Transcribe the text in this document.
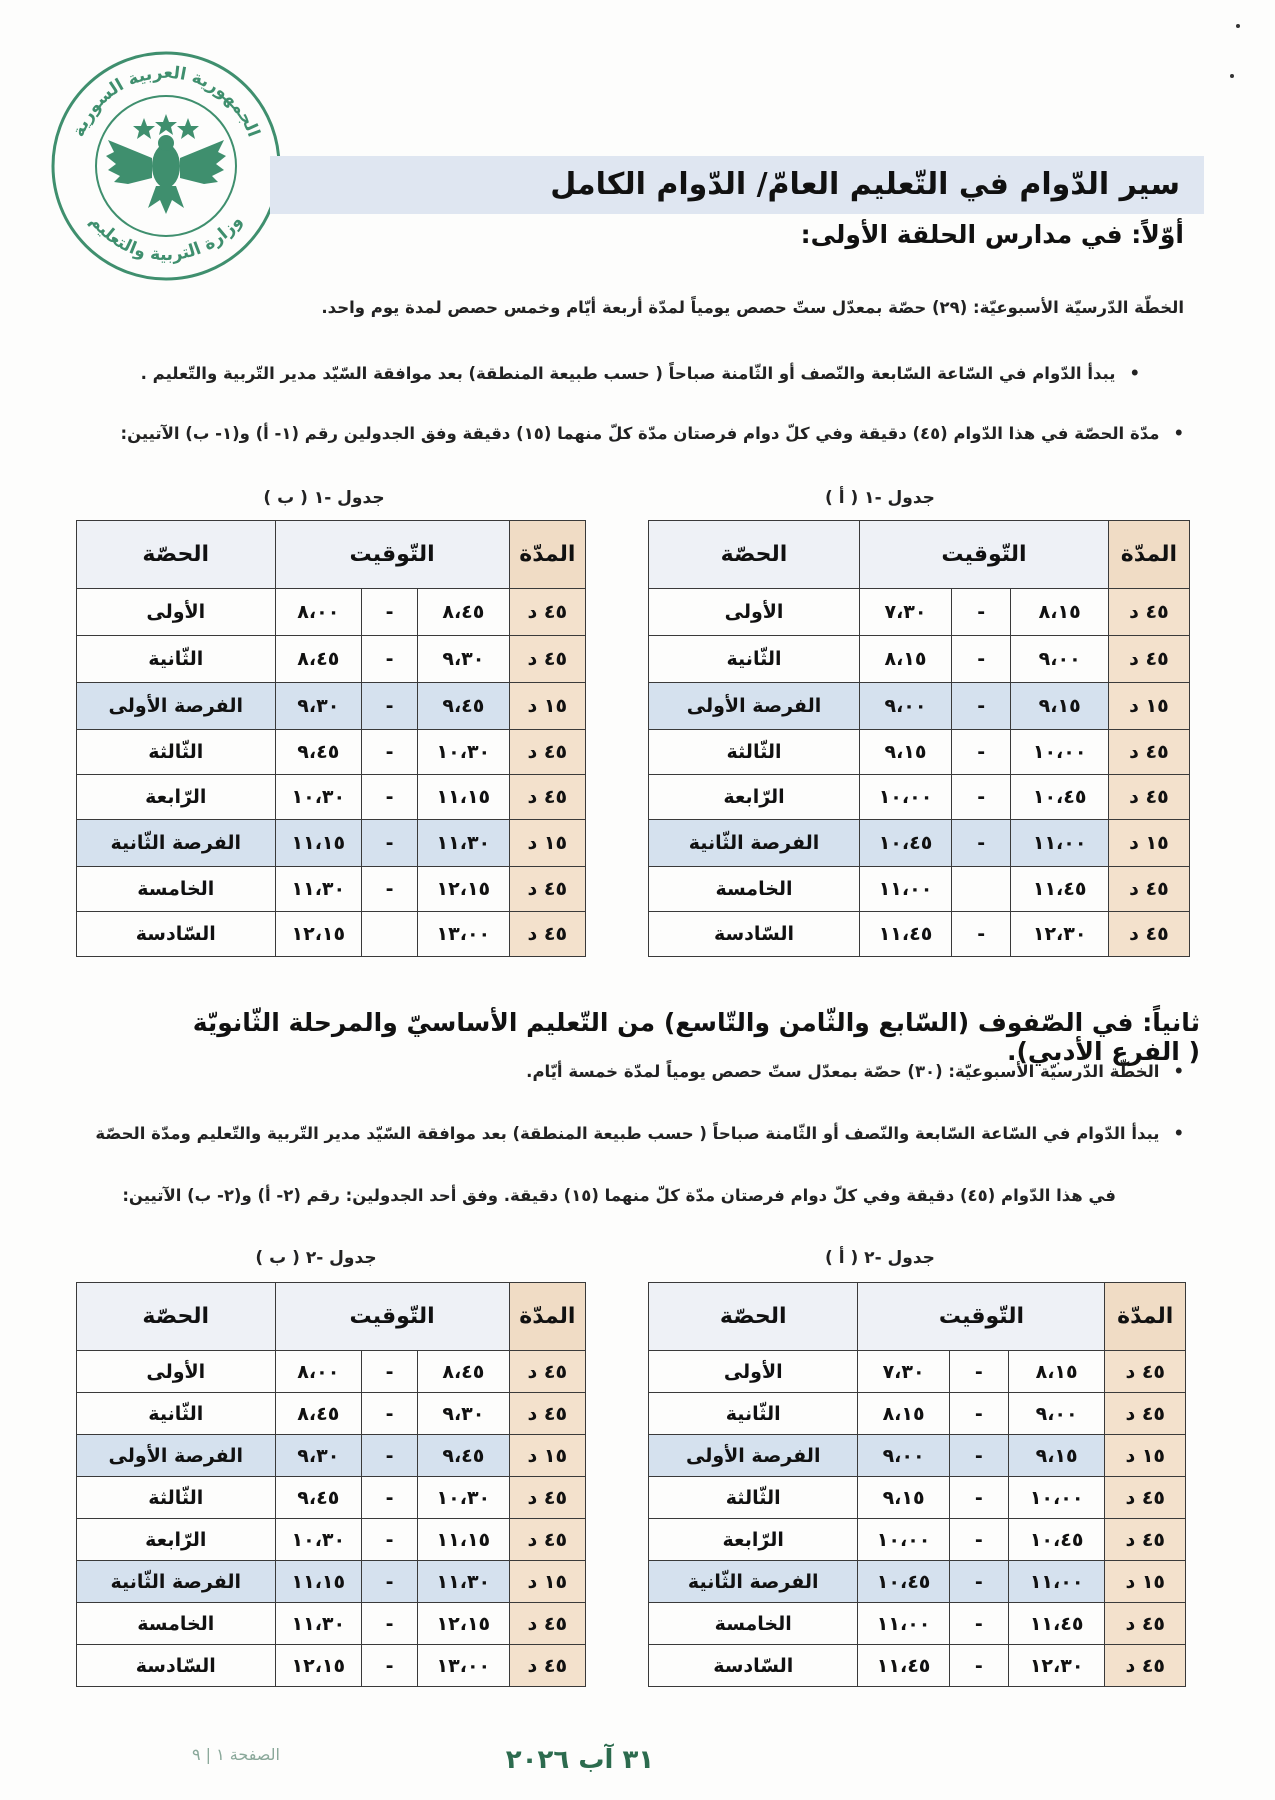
الجمهورية العربية السورية
وزارة التربية والتعليم
سير الدّوام في التّعليم العامّ/ الدّوام الكامل
أوّلاً: في مدارس الحلقة الأولى:
الخطّة الدّرسيّة الأسبوعيّة: (٢٩) حصّة بمعدّل ستّ حصص يومياً لمدّة أربعة أيّام وخمس حصص لمدة يوم واحد.
•يبدأ الدّوام في السّاعة السّابعة والنّصف أو الثّامنة صباحاً ( حسب طبيعة المنطقة) بعد موافقة السّيّد مدير التّربية والتّعليم .
•مدّة الحصّة في هذا الدّوام (٤٥) دقيقة وفي كلّ دوام فرصتان مدّة كلّ منهما (١٥) دقيقة وفق الجدولين رقم (١- أ) و(١- ب) الآتيين:
جدول -١ ( أ )
جدول -١ ( ب )
المدّة	التّوقيت			الحصّة
٤٥ د	٨،١٥	-	٧،٣٠	الأولى
٤٥ د	٩،٠٠	-	٨،١٥	الثّانية
١٥ د	٩،١٥	-	٩،٠٠	الفرصة الأولى
٤٥ د	١٠،٠٠	-	٩،١٥	الثّالثة
٤٥ د	١٠،٤٥	-	١٠،٠٠	الرّابعة
١٥ د	١١،٠٠	-	١٠،٤٥	الفرصة الثّانية
٤٥ د	١١،٤٥		١١،٠٠	الخامسة
٤٥ د	١٢،٣٠	-	١١،٤٥	السّادسة
المدّة	التّوقيت			الحصّة
٤٥ د	٨،٤٥	-	٨،٠٠	الأولى
٤٥ د	٩،٣٠	-	٨،٤٥	الثّانية
١٥ د	٩،٤٥	-	٩،٣٠	الفرصة الأولى
٤٥ د	١٠،٣٠	-	٩،٤٥	الثّالثة
٤٥ د	١١،١٥	-	١٠،٣٠	الرّابعة
١٥ د	١١،٣٠	-	١١،١٥	الفرصة الثّانية
٤٥ د	١٢،١٥	-	١١،٣٠	الخامسة
٤٥ د	١٣،٠٠		١٢،١٥	السّادسة
ثانياً: في الصّفوف (السّابع والثّامن والتّاسع) من التّعليم الأساسيّ والمرحلة الثّانويّة ( الفرع الأدبي).
•الخطّة الدّرسيّة الأسبوعيّة: (٣٠) حصّة بمعدّل ستّ حصص يومياً لمدّة خمسة أيّام.
•يبدأ الدّوام في السّاعة السّابعة والنّصف أو الثّامنة صباحاً ( حسب طبيعة المنطقة) بعد موافقة السّيّد مدير التّربية والتّعليم ومدّة الحصّة
في هذا الدّوام (٤٥) دقيقة وفي كلّ دوام فرصتان مدّة كلّ منهما (١٥) دقيقة. وفق أحد الجدولين: رقم (٢- أ) و(٢- ب) الآتيين:
جدول -٢ ( أ )
جدول -٢ ( ب )
المدّة	التّوقيت			الحصّة
٤٥ د	٨،١٥	-	٧،٣٠	الأولى
٤٥ د	٩،٠٠	-	٨،١٥	الثّانية
١٥ د	٩،١٥	-	٩،٠٠	الفرصة الأولى
٤٥ د	١٠،٠٠	-	٩،١٥	الثّالثة
٤٥ د	١٠،٤٥	-	١٠،٠٠	الرّابعة
١٥ د	١١،٠٠	-	١٠،٤٥	الفرصة الثّانية
٤٥ د	١١،٤٥	-	١١،٠٠	الخامسة
٤٥ د	١٢،٣٠	-	١١،٤٥	السّادسة
المدّة	التّوقيت			الحصّة
٤٥ د	٨،٤٥	-	٨،٠٠	الأولى
٤٥ د	٩،٣٠	-	٨،٤٥	الثّانية
١٥ د	٩،٤٥	-	٩،٣٠	الفرصة الأولى
٤٥ د	١٠،٣٠	-	٩،٤٥	الثّالثة
٤٥ د	١١،١٥	-	١٠،٣٠	الرّابعة
١٥ د	١١،٣٠	-	١١،١٥	الفرصة الثّانية
٤٥ د	١٢،١٥	-	١١،٣٠	الخامسة
٤٥ د	١٣،٠٠	-	١٢،١٥	السّادسة
٣١ آب ٢٠٢٦
الصفحة ١ | ٩
